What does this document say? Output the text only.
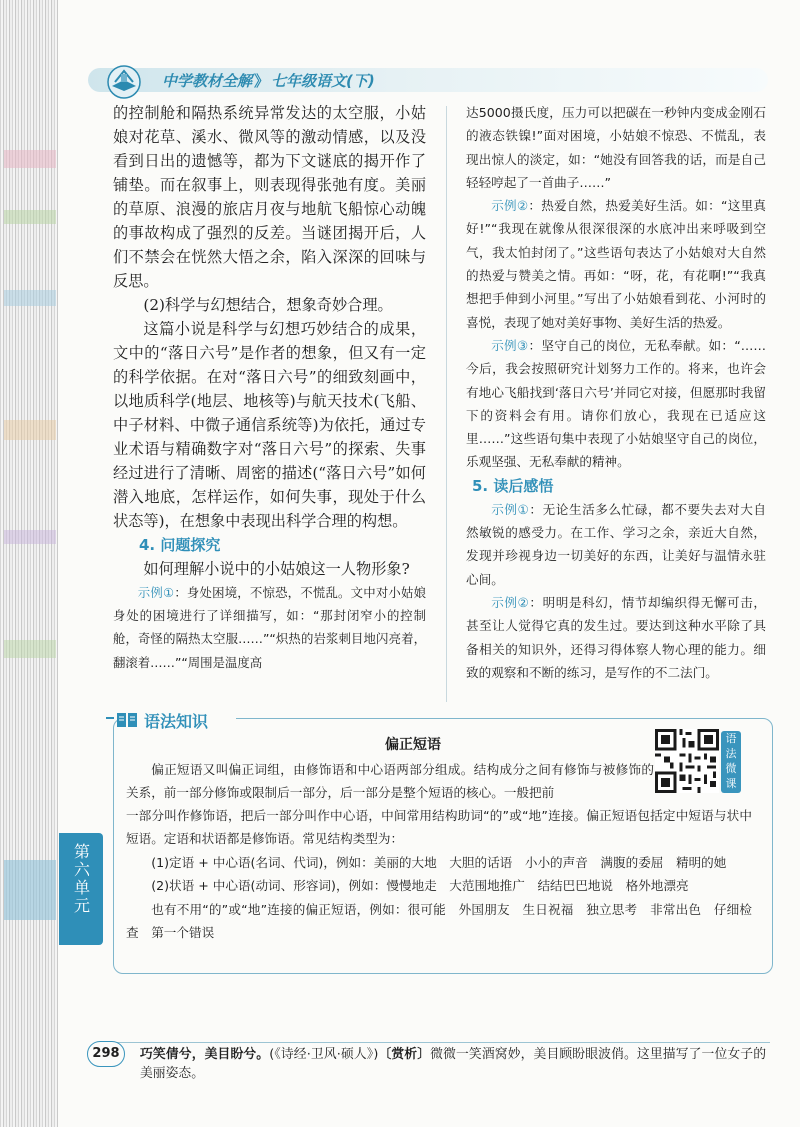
中学教材全解 》 七年级语文(下)

的控制舱和隔热系统异常发达的太空服，小姑娘对花草、溪水、微风等的激动情感，以及没看到日出的遗憾等，都为下文谜底的揭开作了铺垫。而在叙事上，则表现得张弛有度。美丽的草原、浪漫的旅店月夜与地航飞船惊心动魄的事故构成了强烈的反差。当谜团揭开后，人们不禁会在恍然大悟之余，陷入深深的回味与反思。

(2)科学与幻想结合，想象奇妙合理。

这篇小说是科学与幻想巧妙结合的成果，文中的“落日六号”是作者的想象，但又有一定的科学依据。在对“落日六号”的细致刻画中，以地质科学(地层、地核等)与航天技术(飞船、中子材料、中微子通信系统等)为依托，通过专业术语与精确数字对“落日六号”的探索、失事经过进行了清晰、周密的描述(“落日六号”如何潜入地底，怎样运作，如何失事，现处于什么状态等)，在想象中表现出科学合理的构想。

4. 问题探究

如何理解小说中的小姑娘这一人物形象?

示例①：身处困境，不惊恐，不慌乱。文中对小姑娘身处的困境进行了详细描写，如：“那封闭窄小的控制舱，奇怪的隔热太空服……”“炽热的岩浆刺目地闪亮着，翻滚着……”“周围是温度高

达5000摄氏度，压力可以把碳在一秒钟内变成金刚石的液态铁镍!”面对困境，小姑娘不惊恐、不慌乱，表现出惊人的淡定，如：“她没有回答我的话，而是自己轻轻哼起了一首曲子……”

示例②：热爱自然，热爱美好生活。如：“这里真好!”“我现在就像从很深很深的水底冲出来呼吸到空气，我太怕封闭了。”这些语句表达了小姑娘对大自然的热爱与赞美之情。再如：“呀，花，有花啊!”“我真想把手伸到小河里。”写出了小姑娘看到花、小河时的喜悦，表现了她对美好事物、美好生活的热爱。

示例③：坚守自己的岗位，无私奉献。如：“……今后，我会按照研究计划努力工作的。将来，也许会有地心飞船找到‘落日六号’并同它对接，但愿那时我留下的资料会有用。请你们放心，我现在已适应这里……”这些语句集中表现了小姑娘坚守自己的岗位，乐观坚强、无私奉献的精神。

5. 读后感悟

示例①：无论生活多么忙碌，都不要失去对大自然敏锐的感受力。在工作、学习之余，亲近大自然，发现并珍视身边一切美好的东西，让美好与温情永驻心间。

示例②：明明是科幻，情节却编织得无懈可击，甚至让人觉得它真的发生过。要达到这种水平除了具备相关的知识外，还得习得体察人物心理的能力。细致的观察和不断的练习，是写作的不二法门。

语法知识
偏正短语	语法微课

偏正短语又叫偏正词组，由修饰语和中心语两部分组成。结构成分之间有修饰与被修饰的关系，前一部分修饰或限制后一部分，后一部分是整个短语的核心。一般把前

一部分叫作修饰语，把后一部分叫作中心语，中间常用结构助词“的”或“地”连接。偏正短语包括定中短语与状中短语。定语和状语都是修饰语。常见结构类型为：

(1)定语 + 中心语(名词、代词)，例如：美丽的大地　大胆的话语　小小的声音　满腹的委屈　精明的她

(2)状语 + 中心语(动词、形容词)，例如：慢慢地走　大范围地推广　结结巴巴地说　格外地漂亮

也有不用“的”或“地”连接的偏正短语，例如：很可能　外国朋友　生日祝福　独立思考　非常出色　仔细检查　第一个错误

第六单元
298	巧笑倩兮，美目盼兮。(《诗经·卫风·硕人》)〔赏析〕微微一笑酒窝妙，美目顾盼眼波俏。这里描写了一位女子的美丽姿态。
